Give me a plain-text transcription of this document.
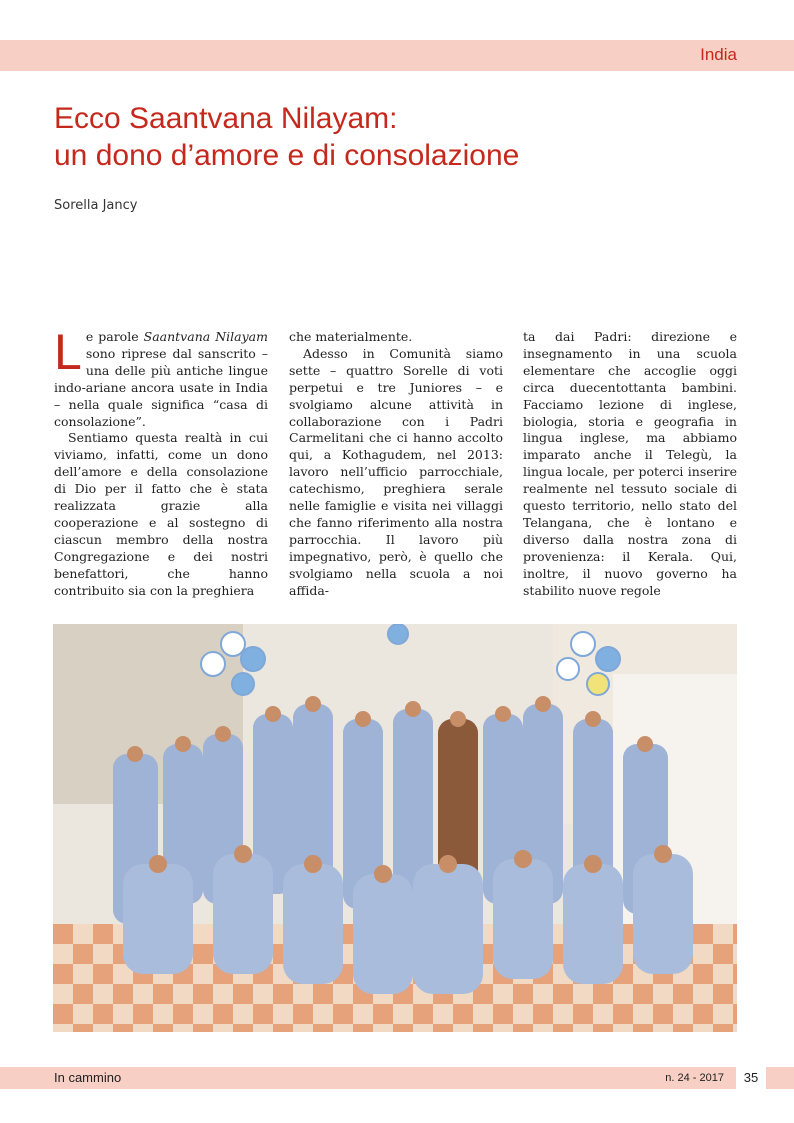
India
Ecco Saantvana Nilayam:
un dono d’amore e di consolazione
Sorella Jancy

Le parole Saantvana Nilayam sono riprese dal sanscrito – una delle più antiche lingue indo-ariane ancora usate in India – nella quale significa “casa di consolazione”.

Sentiamo questa realtà in cui viviamo, infatti, come un dono dell’amore e della consolazione di Dio per il fatto che è stata realizzata grazie alla cooperazione e al sostegno di ciascun membro della nostra Congregazione e dei nostri benefattori, che hanno contribuito sia con la preghiera

che materialmente.

Adesso in Comunità siamo sette – quattro Sorelle di voti perpetui e tre Juniores – e svolgiamo alcune attività in collaborazione con i Padri Carmelitani che ci hanno accolto qui, a Kothagudem, nel 2013: lavoro nell’ufficio parrocchiale, catechismo, preghiera serale nelle famiglie e visita nei villaggi che fanno riferimento alla nostra parrocchia. Il lavoro più impegnativo, però, è quello che svolgiamo nella scuola a noi affida-

ta dai Padri: direzione e insegnamento in una scuola elementare che accoglie oggi circa duecentottanta bambini. Facciamo lezione di inglese, biologia, storia e geografia in lingua inglese, ma abbiamo imparato anche il Telegù, la lingua locale, per poterci inserire realmente nel tessuto sociale di questo territorio, nello stato del Telangana, che è lontano e diverso dalla nostra zona di provenienza: il Kerala. Qui, inoltre, il nuovo governo ha stabilito nuove regole

In cammino	n. 24 - 2017	35
